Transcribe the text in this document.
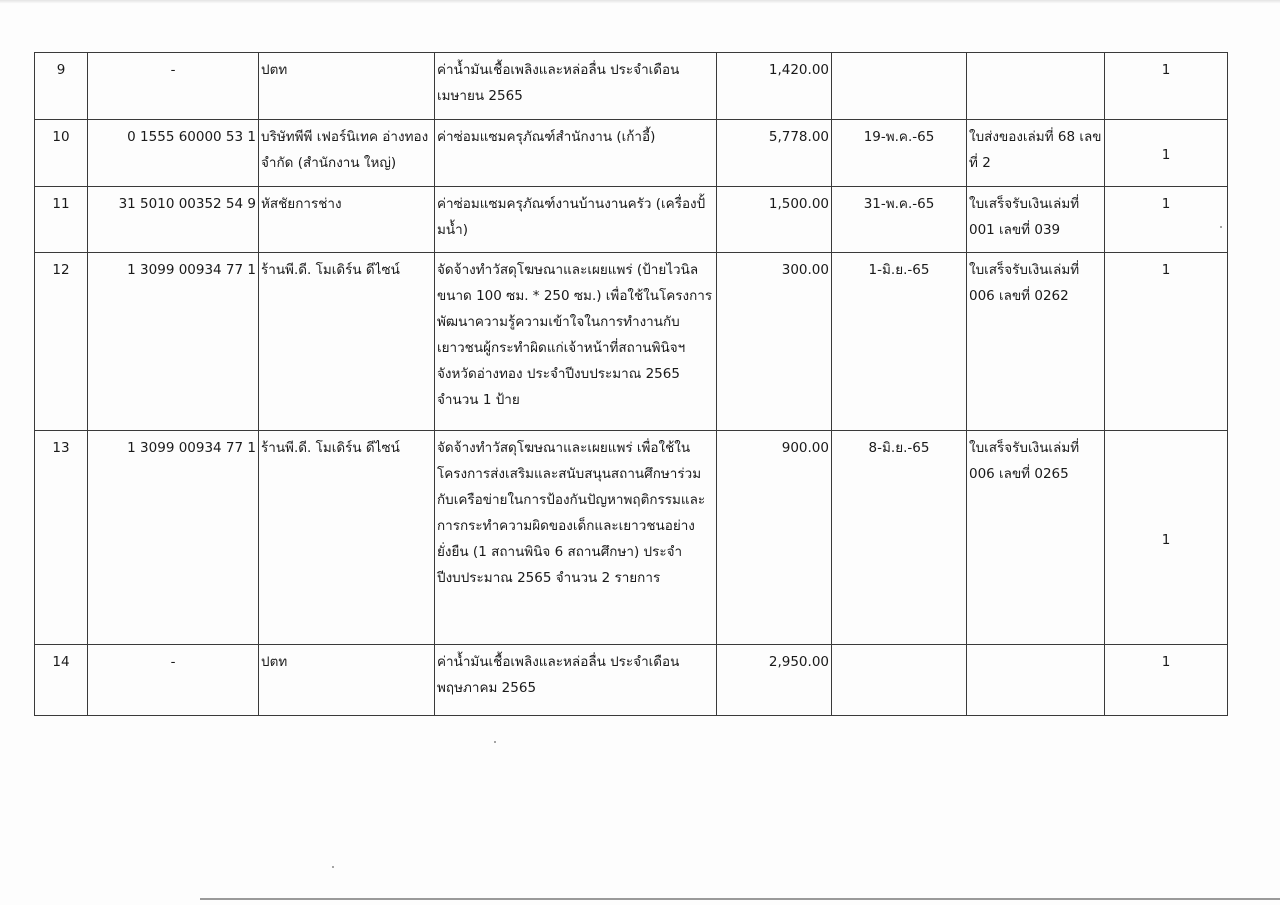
9	-	ปตท	ค่าน้ำมันเชื้อเพลิงและหล่อลื่น ประจำเดือน เมษายน 2565	1,420.00			1
10	0 1555 60000 53 1	บริษัทพีพี เฟอร์นิเทค อ่างทอง จำกัด (สำนักงาน ใหญ่)	ค่าซ่อมแซมครุภัณฑ์สำนักงาน (เก้าอี้)	5,778.00	19-พ.ค.-65	ใบส่งของเล่มที่ 68 เลขที่ 2	1
11	31 5010 00352 54 9	หัสชัยการช่าง	ค่าซ่อมแซมครุภัณฑ์งานบ้านงานครัว (เครื่องปั้มน้ำ)	1,500.00	31-พ.ค.-65	ใบเสร็จรับเงินเล่มที่ 001 เลขที่ 039	1
12	1 3099 00934 77 1	ร้านพี.ดี. โมเดิร์น ดีไซน์	จัดจ้างทำวัสดุโฆษณาและเผยแพร่ (ป้ายไวนิลขนาด 100 ซม. * 250 ซม.) เพื่อใช้ในโครงการพัฒนาความรู้ความเข้าใจในการทำงานกับเยาวชนผู้กระทำผิดแก่เจ้าหน้าที่สถานพินิจฯ จังหวัดอ่างทอง ประจำปีงบประมาณ 2565 จำนวน 1 ป้าย	300.00	1-มิ.ย.-65	ใบเสร็จรับเงินเล่มที่ 006 เลขที่ 0262	1
13	1 3099 00934 77 1	ร้านพี.ดี. โมเดิร์น ดีไซน์	จัดจ้างทำวัสดุโฆษณาและเผยแพร่ เพื่อใช้ในโครงการส่งเสริมและสนับสนุนสถานศึกษาร่วมกับเครือข่ายในการป้องกันปัญหาพฤติกรรมและการกระทำความผิดของเด็กและเยาวชนอย่างยั่งยืน (1 สถานพินิจ 6 สถานศึกษา) ประจำปีงบประมาณ 2565 จำนวน 2 รายการ	900.00	8-มิ.ย.-65	ใบเสร็จรับเงินเล่มที่ 006 เลขที่ 0265	1
14	-	ปตท	ค่าน้ำมันเชื้อเพลิงและหล่อลื่น ประจำเดือน พฤษภาคม 2565	2,950.00			1
